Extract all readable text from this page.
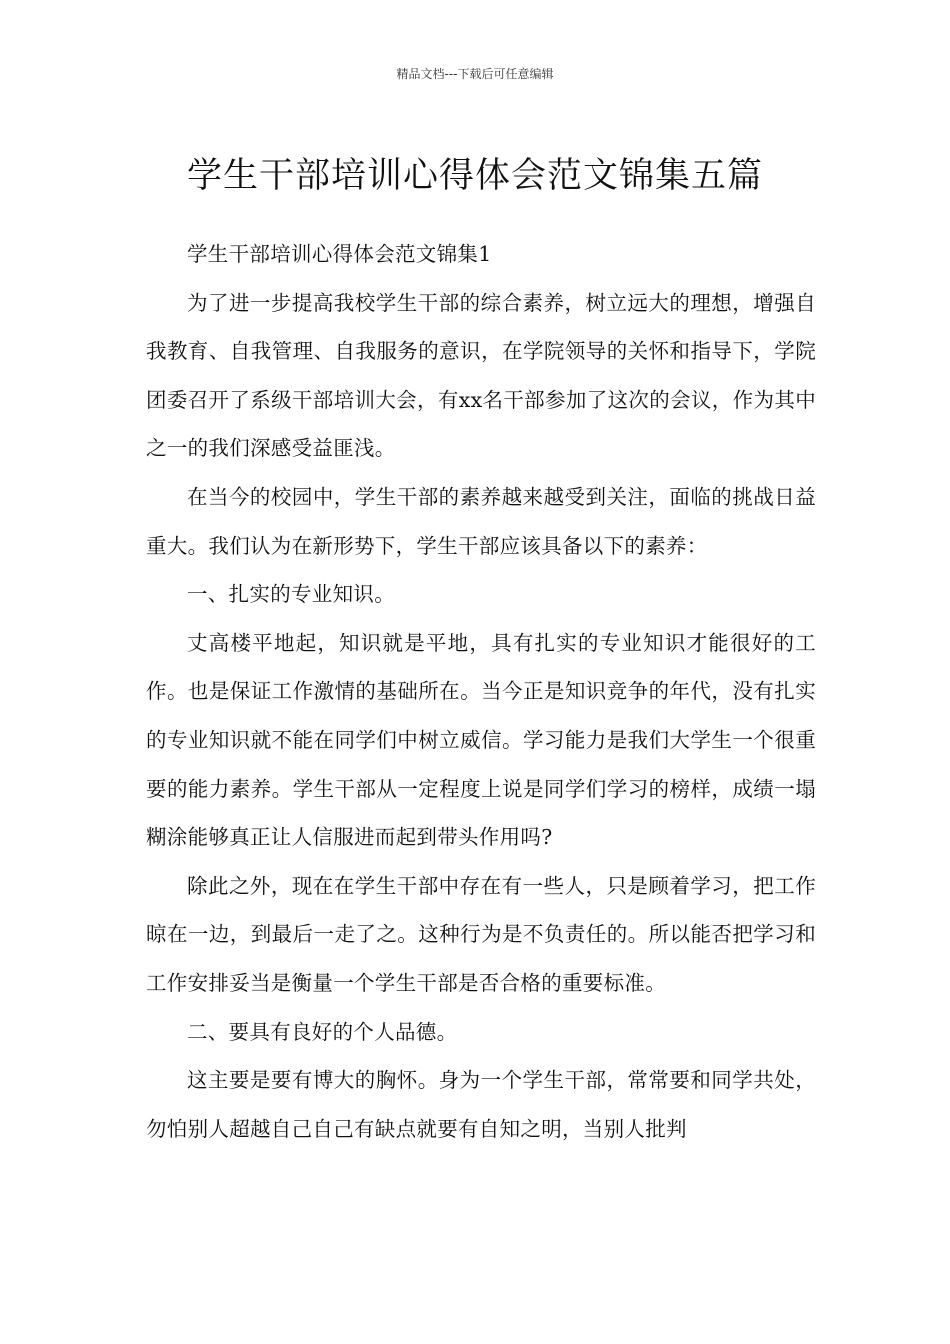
精品文档---下载后可任意编辑
学生干部培训心得体会范文锦集五篇

学生干部培训心得体会范文锦集1

为了进一步提高我校学生干部的综合素养，树立远大的理想，增强自我教育、自我管理、自我服务的意识，在学院领导的关怀和指导下，学院团委召开了系级干部培训大会，有xx名干部参加了这次的会议，作为其中之一的我们深感受益匪浅。

在当今的校园中，学生干部的素养越来越受到关注，面临的挑战日益重大。我们认为在新形势下，学生干部应该具备以下的素养：

一、扎实的专业知识。

丈高楼平地起，知识就是平地，具有扎实的专业知识才能很好的工作。也是保证工作激情的基础所在。当今正是知识竞争的年代，没有扎实的专业知识就不能在同学们中树立威信。学习能力是我们大学生一个很重要的能力素养。学生干部从一定程度上说是同学们学习的榜样，成绩一塌糊涂能够真正让人信服进而起到带头作用吗?

除此之外，现在在学生干部中存在有一些人，只是顾着学习，把工作晾在一边，到最后一走了之。这种行为是不负责任的。所以能否把学习和工作安排妥当是衡量一个学生干部是否合格的重要标准。

二、要具有良好的个人品德。

这主要是要有博大的胸怀。身为一个学生干部，常常要和同学共处，勿怕别人超越自己自己有缺点就要有自知之明，当别人批判
